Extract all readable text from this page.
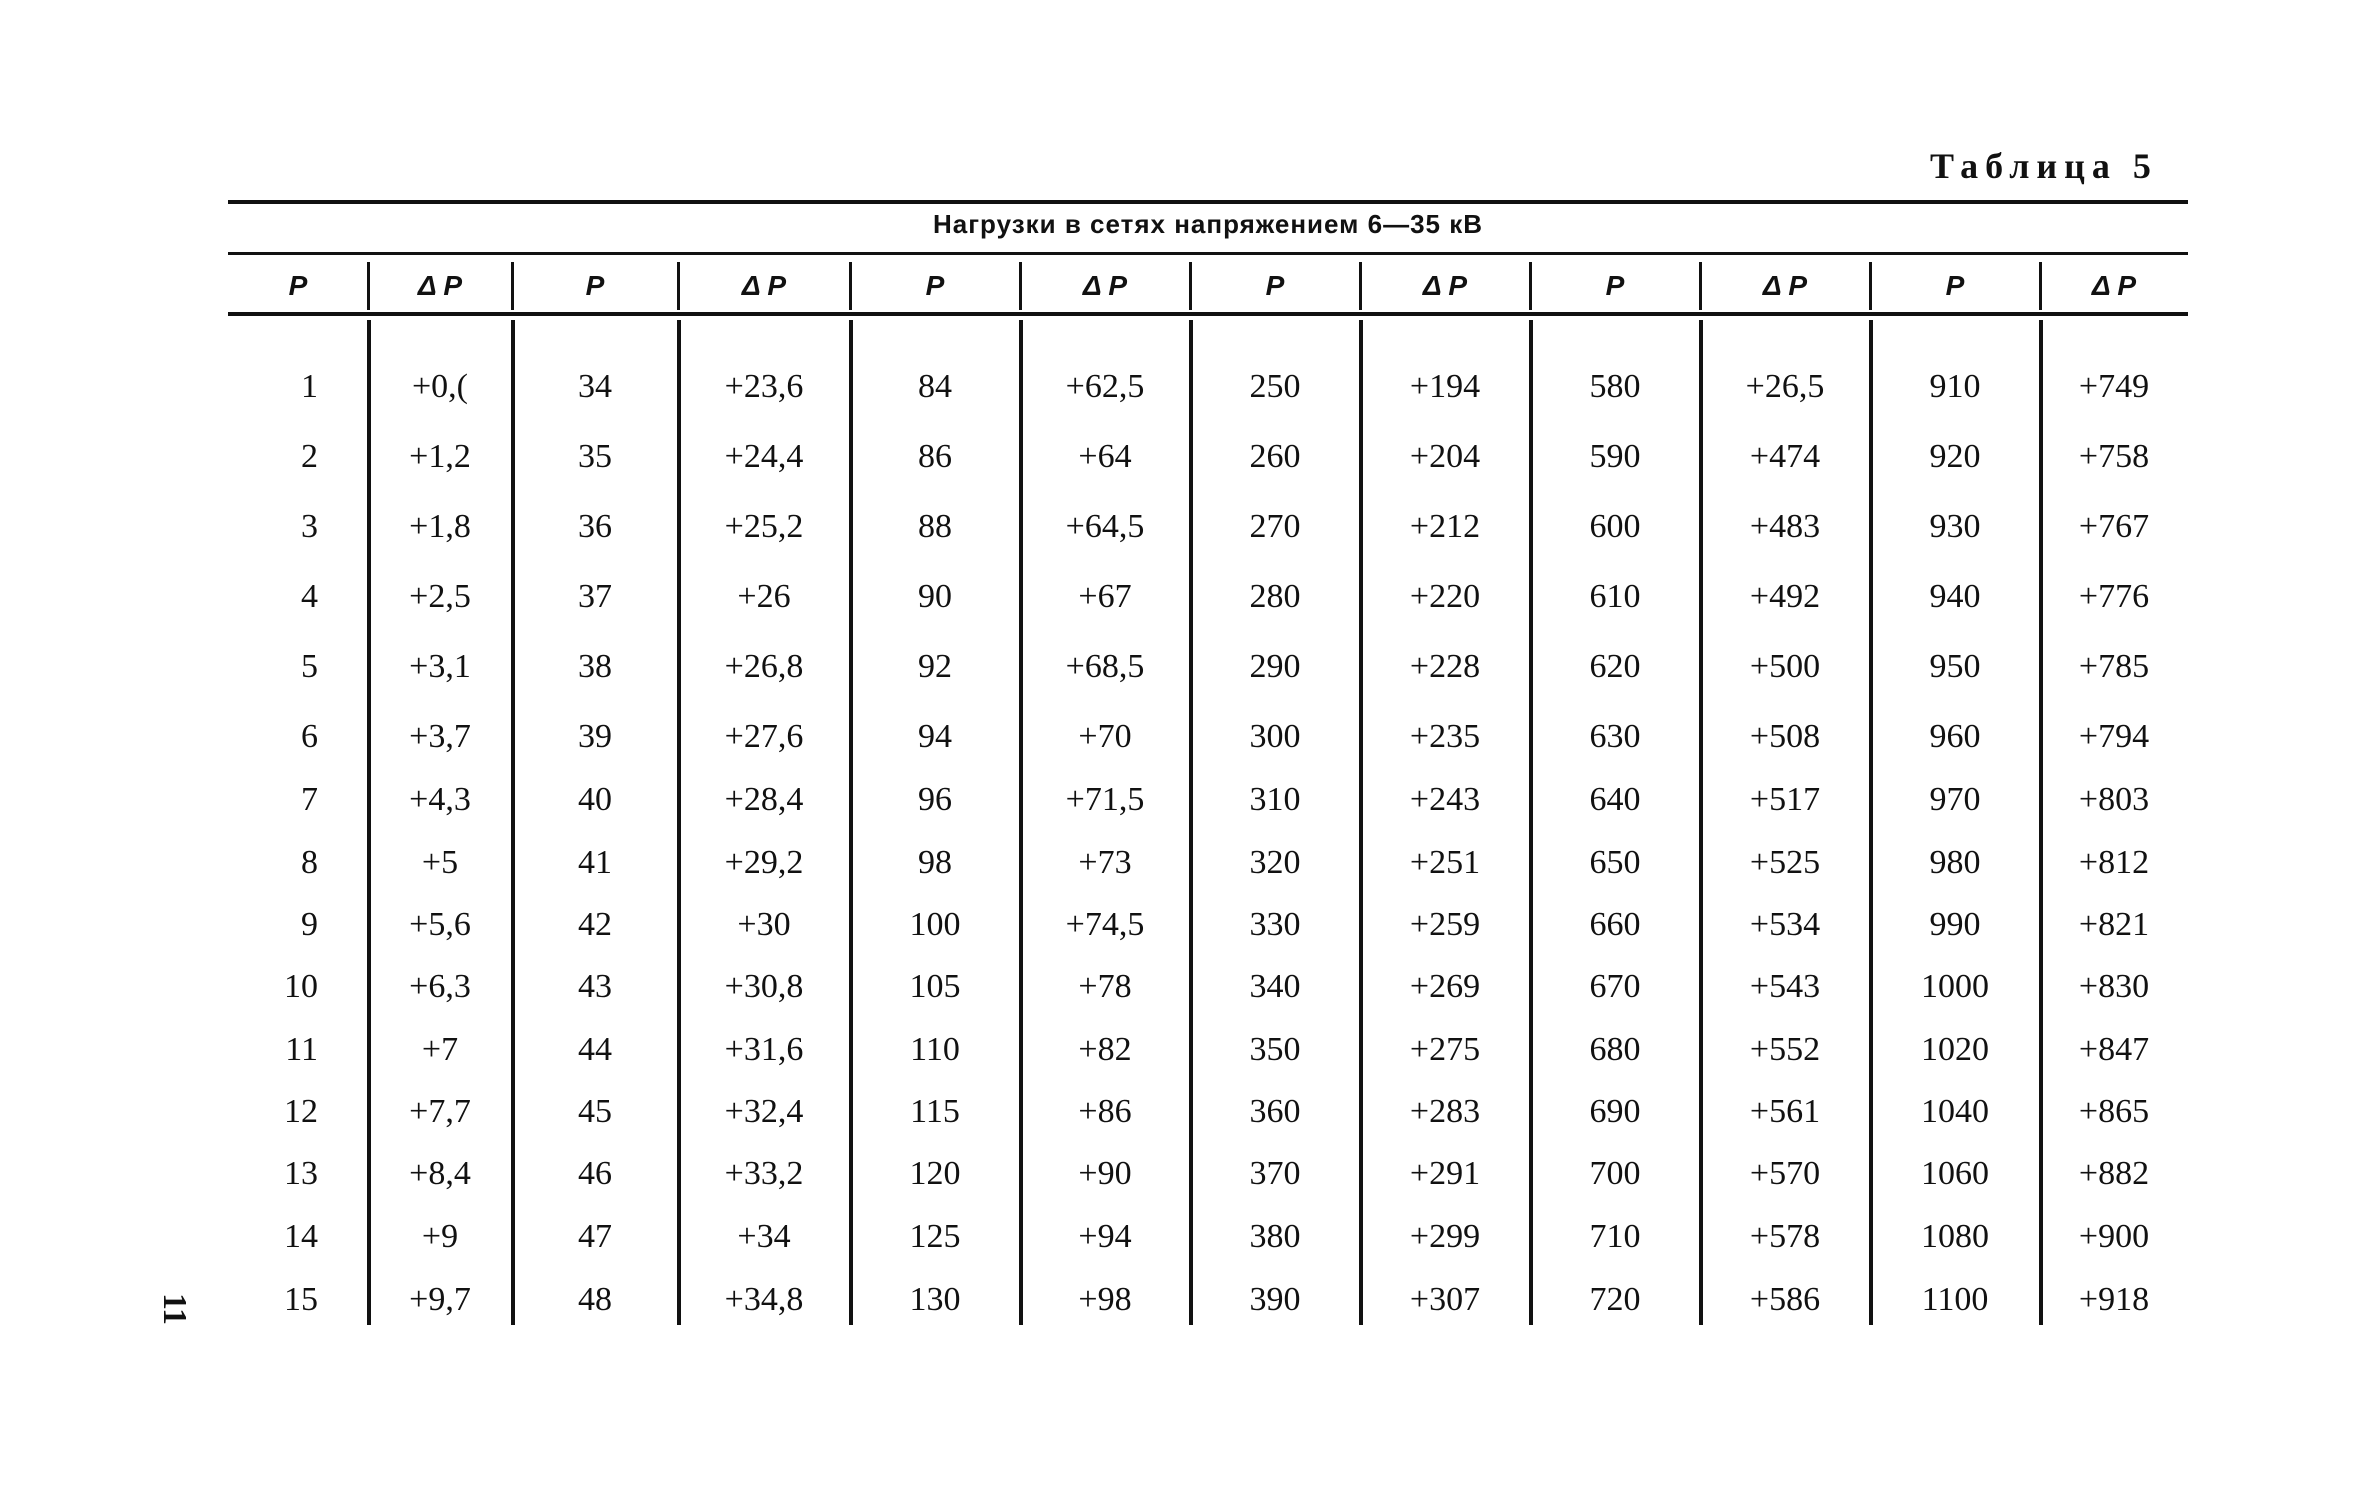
Таблица 5
11
Нагрузки в сетях напряжением 6—35 кВ
P	Δ P	P	Δ P	P	Δ P	P	Δ P	P	Δ P	P	Δ P
1	+0,(	34	+23,6	84	+62,5	250	+194	580	+26,5	910	+749
2	+1,2	35	+24,4	86	+64	260	+204	590	+474	920	+758
3	+1,8	36	+25,2	88	+64,5	270	+212	600	+483	930	+767
4	+2,5	37	+26	90	+67	280	+220	610	+492	940	+776
5	+3,1	38	+26,8	92	+68,5	290	+228	620	+500	950	+785
6	+3,7	39	+27,6	94	+70	300	+235	630	+508	960	+794
7	+4,3	40	+28,4	96	+71,5	310	+243	640	+517	970	+803
8	+5	41	+29,2	98	+73	320	+251	650	+525	980	+812
9	+5,6	42	+30	100	+74,5	330	+259	660	+534	990	+821
10	+6,3	43	+30,8	105	+78	340	+269	670	+543	1000	+830
11	+7	44	+31,6	110	+82	350	+275	680	+552	1020	+847
12	+7,7	45	+32,4	115	+86	360	+283	690	+561	1040	+865
13	+8,4	46	+33,2	120	+90	370	+291	700	+570	1060	+882
14	+9	47	+34	125	+94	380	+299	710	+578	1080	+900
15	+9,7	48	+34,8	130	+98	390	+307	720	+586	1100	+918
